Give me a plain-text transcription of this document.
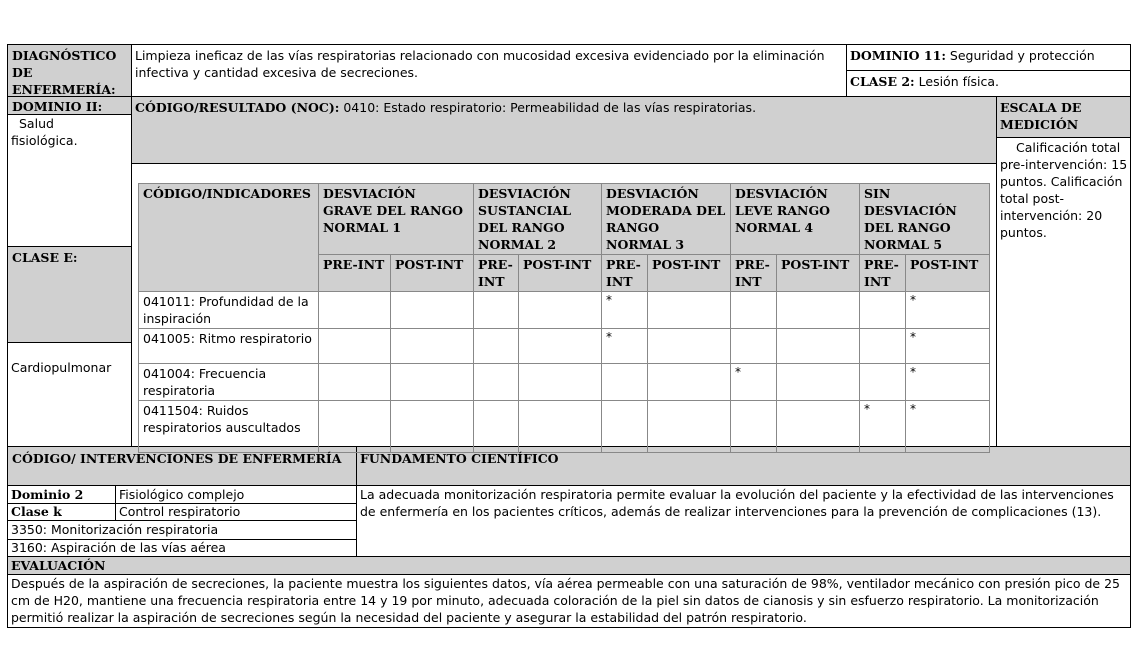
DIAGNÓSTICO DE ENFERMERÍA:
Limpieza ineficaz de las vías respiratorias relacionado con mucosidad excesiva evidenciado por la eliminación infectiva y cantidad excesiva de secreciones.
DOMINIO 11: Seguridad y protección
CLASE 2: Lesión física.
DOMINIO II:
Salud fisiológica.
CLASE E:
Cardiopulmonar
CÓDIGO/RESULTADO (NOC): 0410: Estado respiratorio: Permeabilidad de las vías respiratorias.	ESCALA DE MEDICIÓN
Calificación total pre-intervención: 15 puntos. Calificación total post-intervención: 20 puntos.
CÓDIGO/INDICADORES	DESVIACIÓN GRAVE DEL RANGO NORMAL 1		DESVIACIÓN SUSTANCIAL DEL RANGO NORMAL 2		DESVIACIÓN MODERADA DEL RANGO NORMAL 3		DESVIACIÓN LEVE RANGO NORMAL 4		SIN DESVIACIÓN DEL RANGO NORMAL 5	
	PRE-INT	POST-INT	PRE-INT	POST-INT	PRE-INT	POST-INT	PRE-INT	POST-INT	PRE-INT	POST-INT
041011: Profundidad de la inspiración					*					*
041005: Ritmo respiratorio					*					*
041004: Frecuencia respiratoria							*			*
0411504: Ruidos respiratorios auscultados									*	*
CÓDIGO/ INTERVENCIONES DE ENFERMERÍA	FUNDAMENTO CIENTÍFICO
Dominio 2	Fisiológico complejo
Clase k	Control respiratorio
3350: Monitorización respiratoria
3160: Aspiración de las vías aérea
La adecuada monitorización respiratoria permite evaluar la evolución del paciente y la efectividad de las intervenciones de enfermería en los pacientes críticos, además de realizar intervenciones para la prevención de complicaciones (13).
EVALUACIÓN
Después de la aspiración de secreciones, la paciente muestra los siguientes datos, vía aérea permeable con una saturación de 98%, ventilador mecánico con presión pico de 25 cm de H20, mantiene una frecuencia respiratoria entre 14 y 19 por minuto, adecuada coloración de la piel sin datos de cianosis y sin esfuerzo respiratorio. La monitorización permitió realizar la aspiración de secreciones según la necesidad del paciente y asegurar la estabilidad del patrón respiratorio.
